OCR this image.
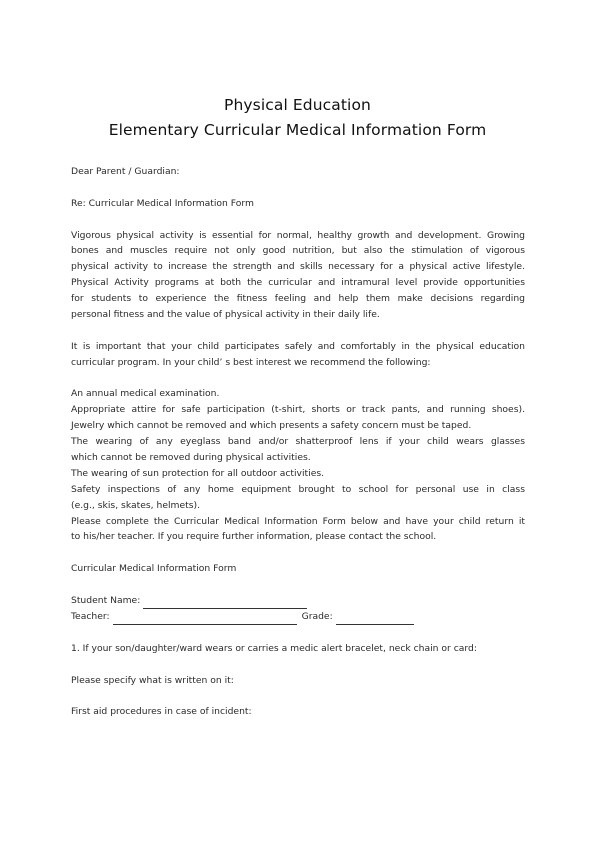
Physical Education
Elementary Curricular Medical Information Form
Dear Parent / Guardian:
Re: Curricular Medical Information Form
Vigorous physical activity is essential for normal, healthy growth and development. Growing
bones and muscles require not only good nutrition, but also the stimulation of vigorous
physical activity to increase the strength and skills necessary for a physical active lifestyle.
Physical Activity programs at both the curricular and intramural level provide opportunities
for students to experience the fitness feeling and help them make decisions regarding
personal fitness and the value of physical activity in their daily life.
It is important that your child participates safely and comfortably in the physical education
curricular program. In your child’ s best interest we recommend the following:
An annual medical examination.
Appropriate attire for safe participation (t-shirt, shorts or track pants, and running shoes).
Jewelry which cannot be removed and which presents a safety concern must be taped.
The wearing of any eyeglass band and/or shatterproof lens if your child wears glasses
which cannot be removed during physical activities.
The wearing of sun protection for all outdoor activities.
Safety inspections of any home equipment brought to school for personal use in class
(e.g., skis, skates, helmets).
Please complete the Curricular Medical Information Form below and have your child return it
to his/her teacher. If you require further information, please contact the school.
Curricular Medical Information Form
Student Name:
Teacher:	Grade:
1. If your son/daughter/ward wears or carries a medic alert bracelet, neck chain or card:
Please specify what is written on it:
First aid procedures in case of incident:
